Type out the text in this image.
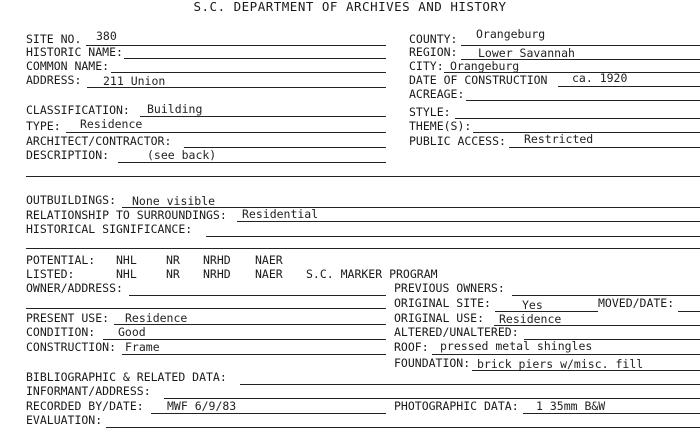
S.C. DEPARTMENT OF ARCHIVES AND HISTORY
SITE NO. 380
HISTORIC NAME:
COMMON NAME:
ADDRESS: 211 Union
COUNTY: Orangeburg
REGION: Lower Savannah
CITY: Orangeburg
DATE OF CONSTRUCTION ca. 1920
ACREAGE:
CLASSIFICATION: Building
TYPE: Residence
ARCHITECT/CONTRACTOR:
DESCRIPTION:	(see back)
STYLE:
THEME(S):
PUBLIC ACCESS: Restricted
OUTBUILDINGS: None visible
RELATIONSHIP TO SURROUNDINGS: Residential
HISTORICAL SIGNIFICANCE:
POTENTIAL: NHL	NR NRHD NAER
LISTED:	NHL	NR NRHD NAER S.C. MARKER PROGRAM
OWNER/ADDRESS:
PRESENT USE: Residence
CONDITION: Good
CONSTRUCTION: Frame
PREVIOUS OWNERS:
ORIGINAL SITE:	Yes	MOVED/DATE:
ORIGINAL USE: Residence
ALTERED/UNALTERED:
ROOF: pressed metal shingles
FOUNDATION: brick piers w/misc. fill
BIBLIOGRAPHIC & RELATED DATA:
INFORMANT/ADDRESS:
RECORDED BY/DATE: MWF 6/9/83	PHOTOGRAPHIC DATA: 1 35mm B&W
EVALUATION:
